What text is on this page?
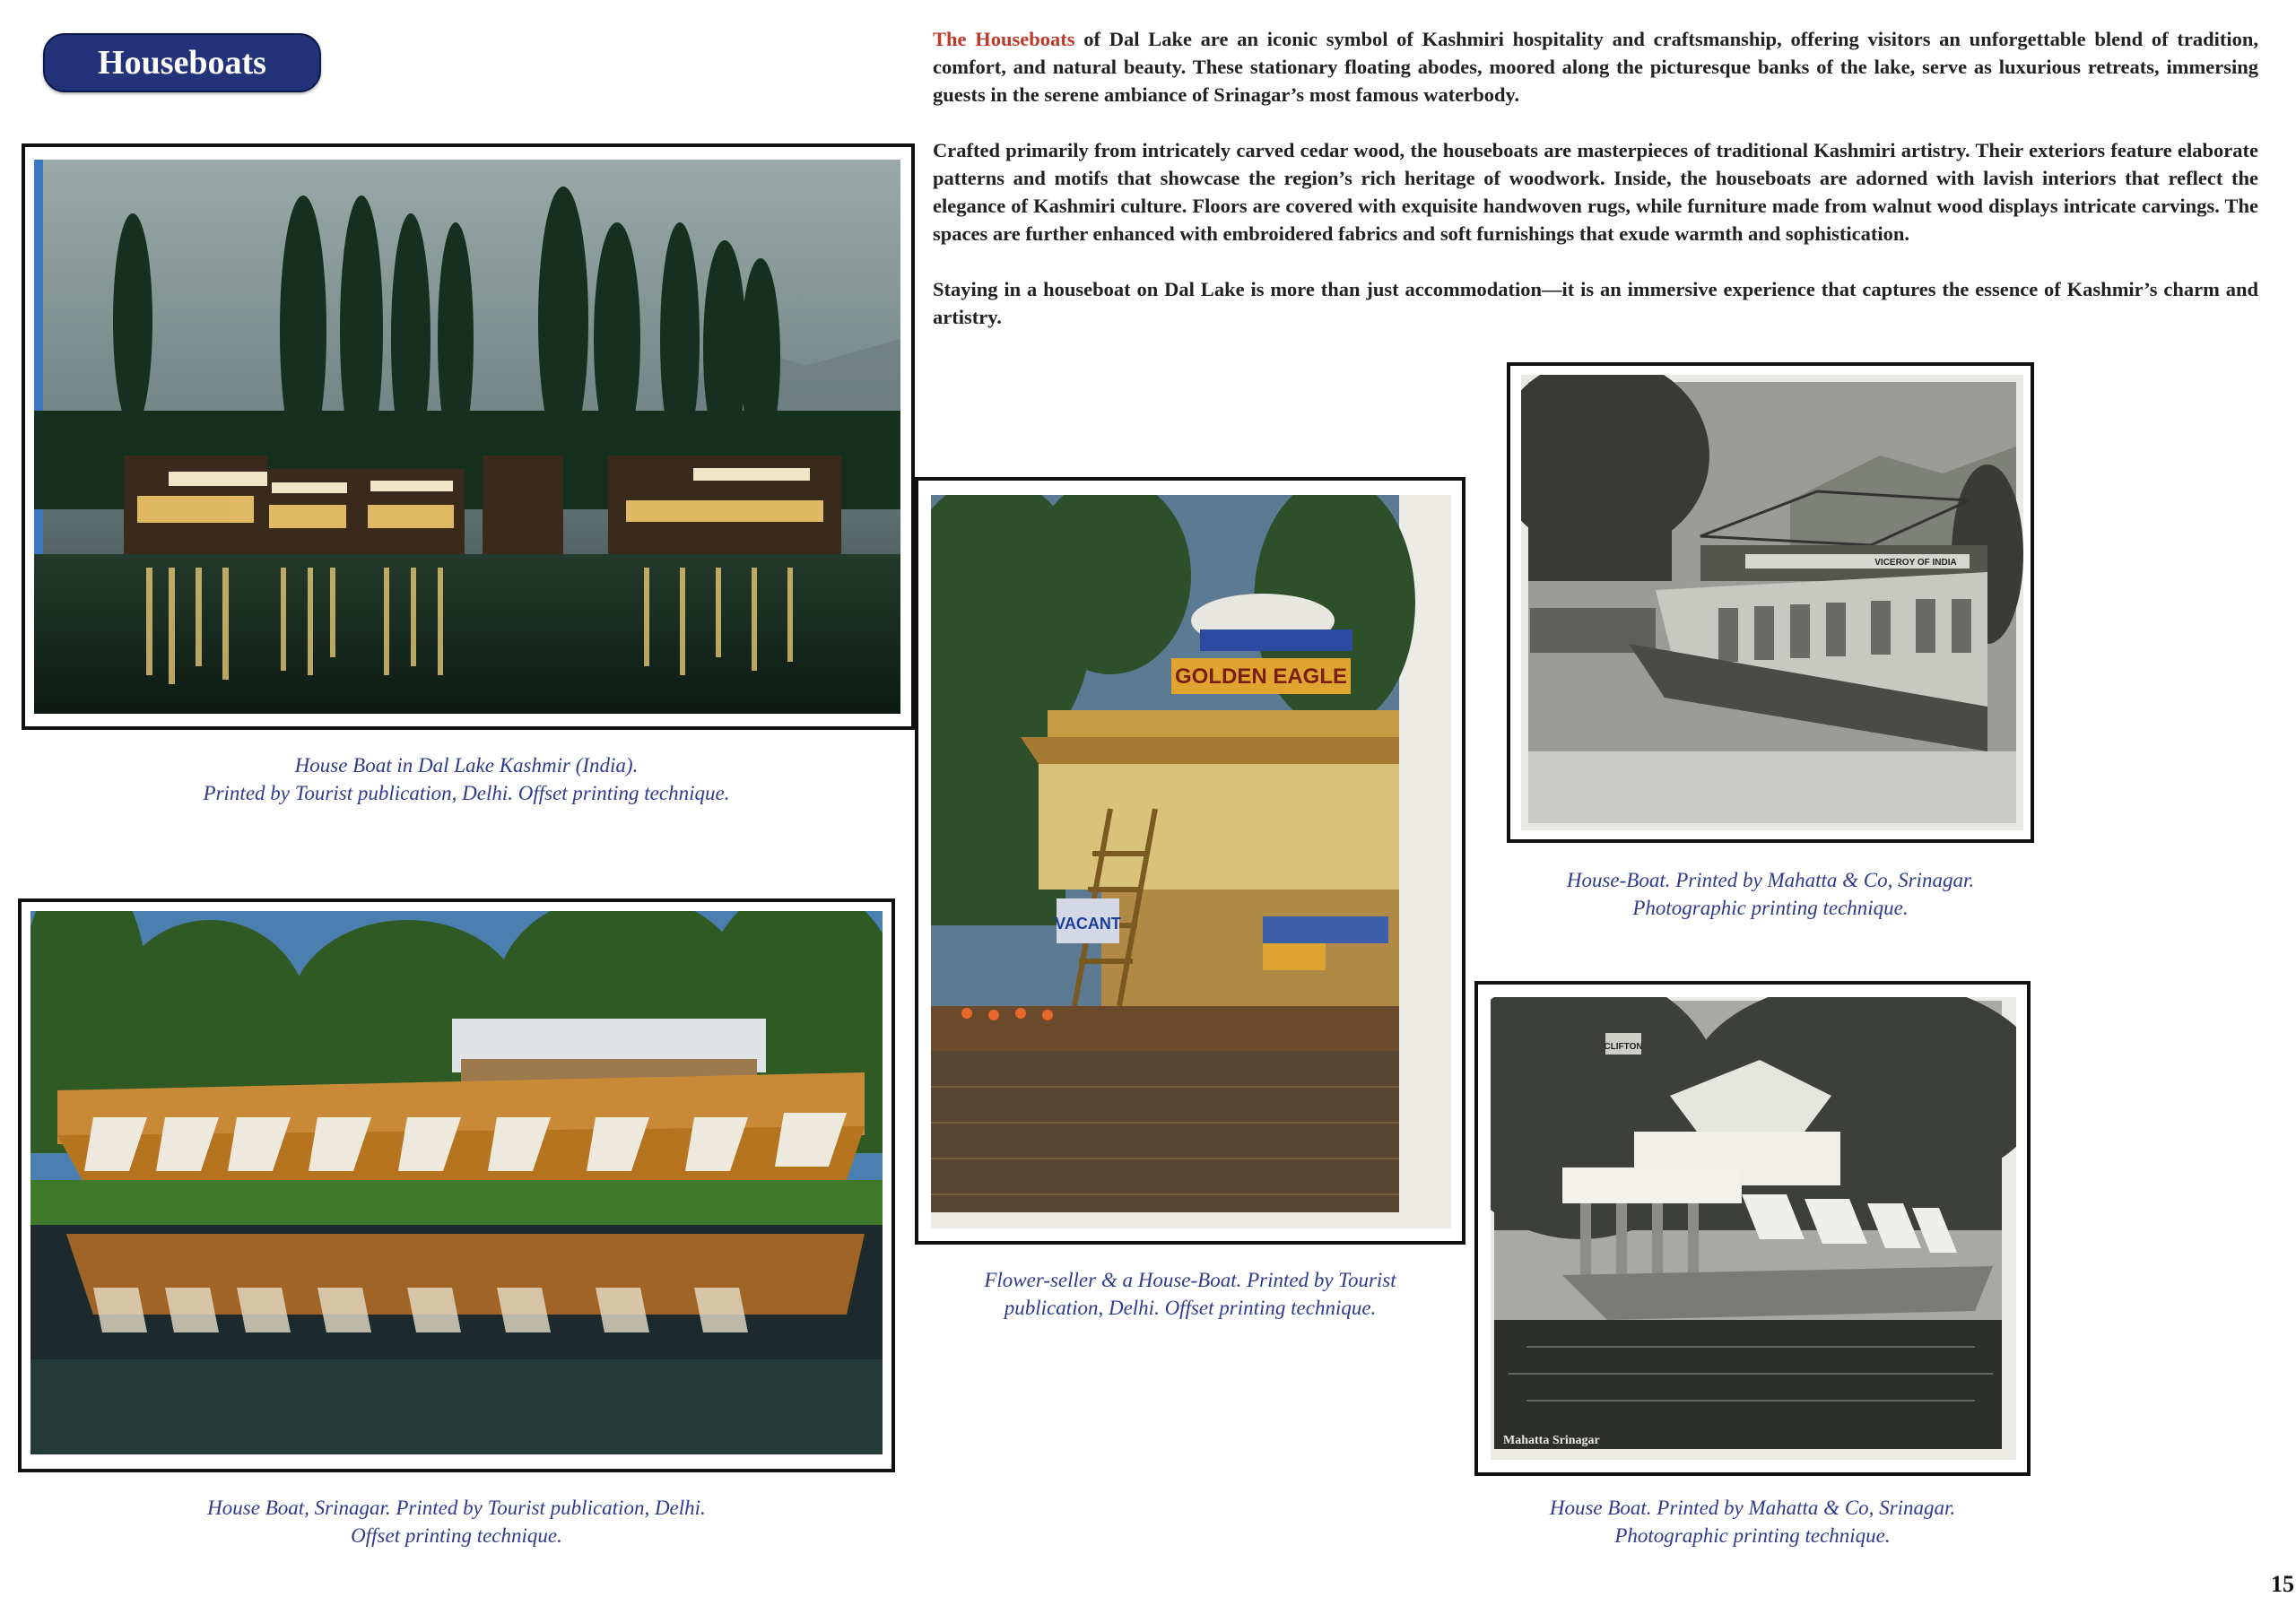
Houseboats

The Houseboats of Dal Lake are an iconic symbol of Kashmiri hospitality and craftsmanship, offering visitors an unforgettable blend of tradition, comfort, and natural beauty. These stationary floating abodes, moored along the picturesque banks of the lake, serve as luxurious retreats, immersing guests in the serene ambiance of Srinagar’s most famous waterbody.

Crafted primarily from intricately carved cedar wood, the houseboats are masterpieces of traditional Kashmiri artistry. Their exteriors feature elaborate patterns and motifs that showcase the region’s rich heritage of woodwork. Inside, the houseboats are adorned with lavish interiors that reflect the elegance of Kashmiri culture. Floors are covered with exquisite handwoven rugs, while furniture made from walnut wood displays intricate carvings. The spaces are further enhanced with embroidered fabrics and soft furnishings that exude warmth and sophistication.

Staying in a houseboat on Dal Lake is more than just accommodation—it is an immersive experience that captures the essence of Kashmir’s charm and artistry.

House Boat in Dal Lake Kashmir (India).
Printed by Tourist publication, Delhi. Offset printing technique.
House Boat, Srinagar. Printed by Tourist publication, Delhi.
Offset printing technique.
GOLDEN EAGLE
VACANT
Flower-seller & a House-Boat. Printed by Tourist
publication, Delhi. Offset printing technique.
VICEROY OF INDIA
House-Boat. Printed by Mahatta & Co, Srinagar.
Photographic printing technique.
CLIFTON
Mahatta Srinagar
House Boat. Printed by Mahatta & Co, Srinagar.
Photographic printing technique.
15
